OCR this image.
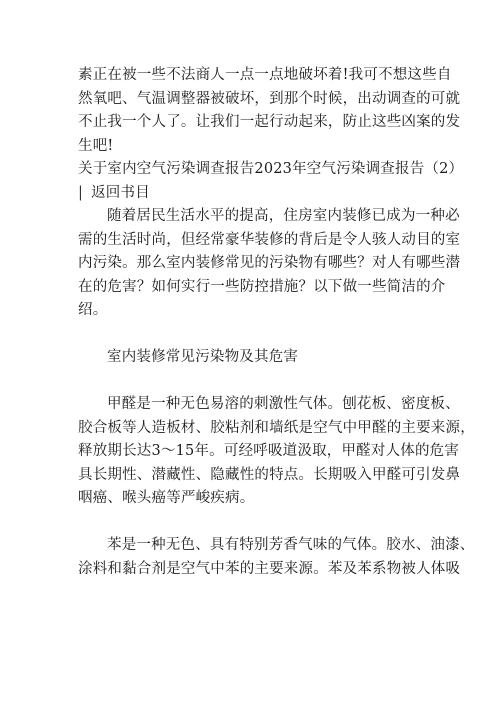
素正在被一些不法商人一点一点地破坏着!我可不想这些自

然氧吧、气温调整器被破坏，到那个时候，出动调查的可就

不止我一个人了。让我们一起行动起来，防止这些凶案的发

生吧!

关于室内空气污染调查报告2023年空气污染调查报告（2）

| 返回书目

随着居民生活水平的提高，住房室内装修已成为一种必

需的生活时尚，但经常豪华装修的背后是令人骇人动目的室

内污染。那么室内装修常见的污染物有哪些？对人有哪些潜

在的危害？如何实行一些防控措施？以下做一些简洁的介

绍。

室内装修常见污染物及其危害

甲醛是一种无色易溶的刺激性气体。刨花板、密度板、

胶合板等人造板材、胶粘剂和墙纸是空气中甲醛的主要来源，

释放期长达3～15年。可经呼吸道汲取，甲醛对人体的危害

具长期性、潜藏性、隐藏性的特点。长期吸入甲醛可引发鼻

咽癌、喉头癌等严峻疾病。

苯是一种无色、具有特别芳香气味的气体。胶水、油漆、

涂料和黏合剂是空气中苯的主要来源。苯及苯系物被人体吸
